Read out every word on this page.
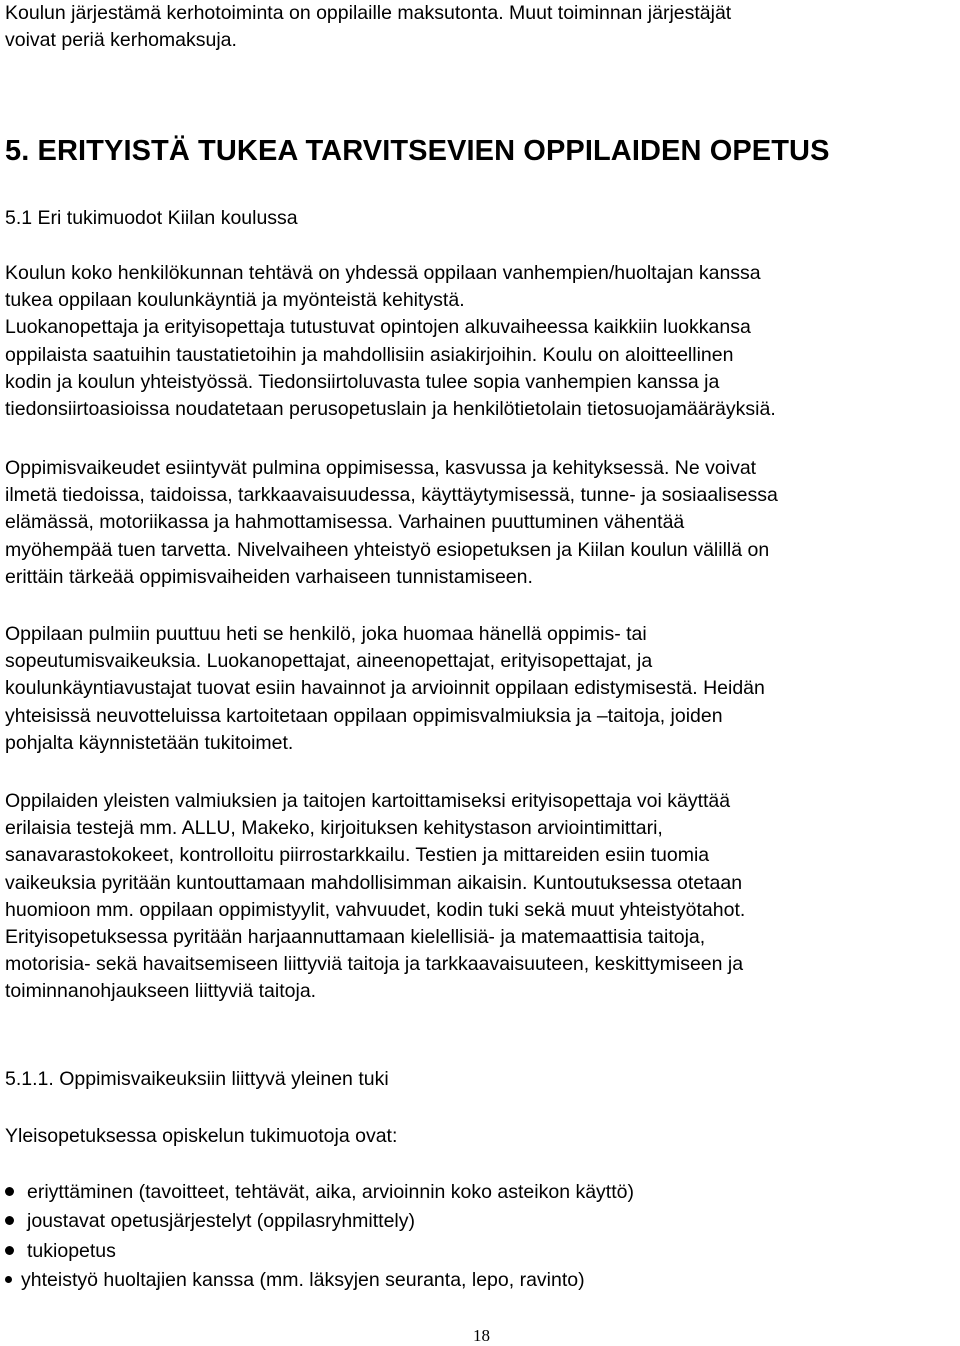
Koulun järjestämä kerhotoiminta on oppilaille maksutonta. Muut toiminnan järjestäjät

voivat periä kerhomaksuja.

5. ERITYISTÄ TUKEA TARVITSEVIEN OPPILAIDEN OPETUS
5.1 Eri tukimuodot Kiilan koulussa

Koulun koko henkilökunnan tehtävä on yhdessä oppilaan vanhempien/huoltajan kanssa

tukea oppilaan koulunkäyntiä ja myönteistä kehitystä.

Luokanopettaja ja erityisopettaja tutustuvat opintojen alkuvaiheessa kaikkiin luokkansa

oppilaista saatuihin taustatietoihin ja mahdollisiin asiakirjoihin. Koulu on aloitteellinen

kodin ja koulun yhteistyössä. Tiedonsiirtoluvasta tulee sopia vanhempien kanssa ja

tiedonsiirtoasioissa noudatetaan perusopetuslain ja henkilötietolain tietosuojamääräyksiä.

Oppimisvaikeudet esiintyvät pulmina oppimisessa, kasvussa ja kehityksessä. Ne voivat

ilmetä tiedoissa, taidoissa, tarkkaavaisuudessa, käyttäytymisessä, tunne- ja sosiaalisessa

elämässä, motoriikassa ja hahmottamisessa. Varhainen puuttuminen vähentää

myöhempää tuen tarvetta. Nivelvaiheen yhteistyö esiopetuksen ja Kiilan koulun välillä on

erittäin tärkeää oppimisvaiheiden varhaiseen tunnistamiseen.

Oppilaan pulmiin puuttuu heti se henkilö, joka huomaa hänellä oppimis- tai

sopeutumisvaikeuksia. Luokanopettajat, aineenopettajat, erityisopettajat, ja

koulunkäyntiavustajat tuovat esiin havainnot ja arvioinnit oppilaan edistymisestä. Heidän

yhteisissä neuvotteluissa kartoitetaan oppilaan oppimisvalmiuksia ja –taitoja, joiden

pohjalta käynnistetään tukitoimet.

Oppilaiden yleisten valmiuksien ja taitojen kartoittamiseksi erityisopettaja voi käyttää

erilaisia testejä mm. ALLU, Makeko, kirjoituksen kehitystason arviointimittari,

sanavarastokokeet, kontrolloitu piirrostarkkailu. Testien ja mittareiden esiin tuomia

vaikeuksia pyritään kuntouttamaan mahdollisimman aikaisin. Kuntoutuksessa otetaan

huomioon mm. oppilaan oppimistyylit, vahvuudet, kodin tuki sekä muut yhteistyötahot.

Erityisopetuksessa pyritään harjaannuttamaan kielellisiä- ja matemaattisia taitoja,

motorisia- sekä havaitsemiseen liittyviä taitoja ja tarkkaavaisuuteen, keskittymiseen ja

toiminnanohjaukseen liittyviä taitoja.

5.1.1. Oppimisvaikeuksiin liittyvä yleinen tuki

Yleisopetuksessa opiskelun tukimuotoja ovat:

eriyttäminen (tavoitteet, tehtävät, aika, arvioinnin koko asteikon käyttö)
joustavat opetusjärjestelyt (oppilasryhmittely)
tukiopetus
yhteistyö huoltajien kanssa (mm. läksyjen seuranta, lepo, ravinto)
18
